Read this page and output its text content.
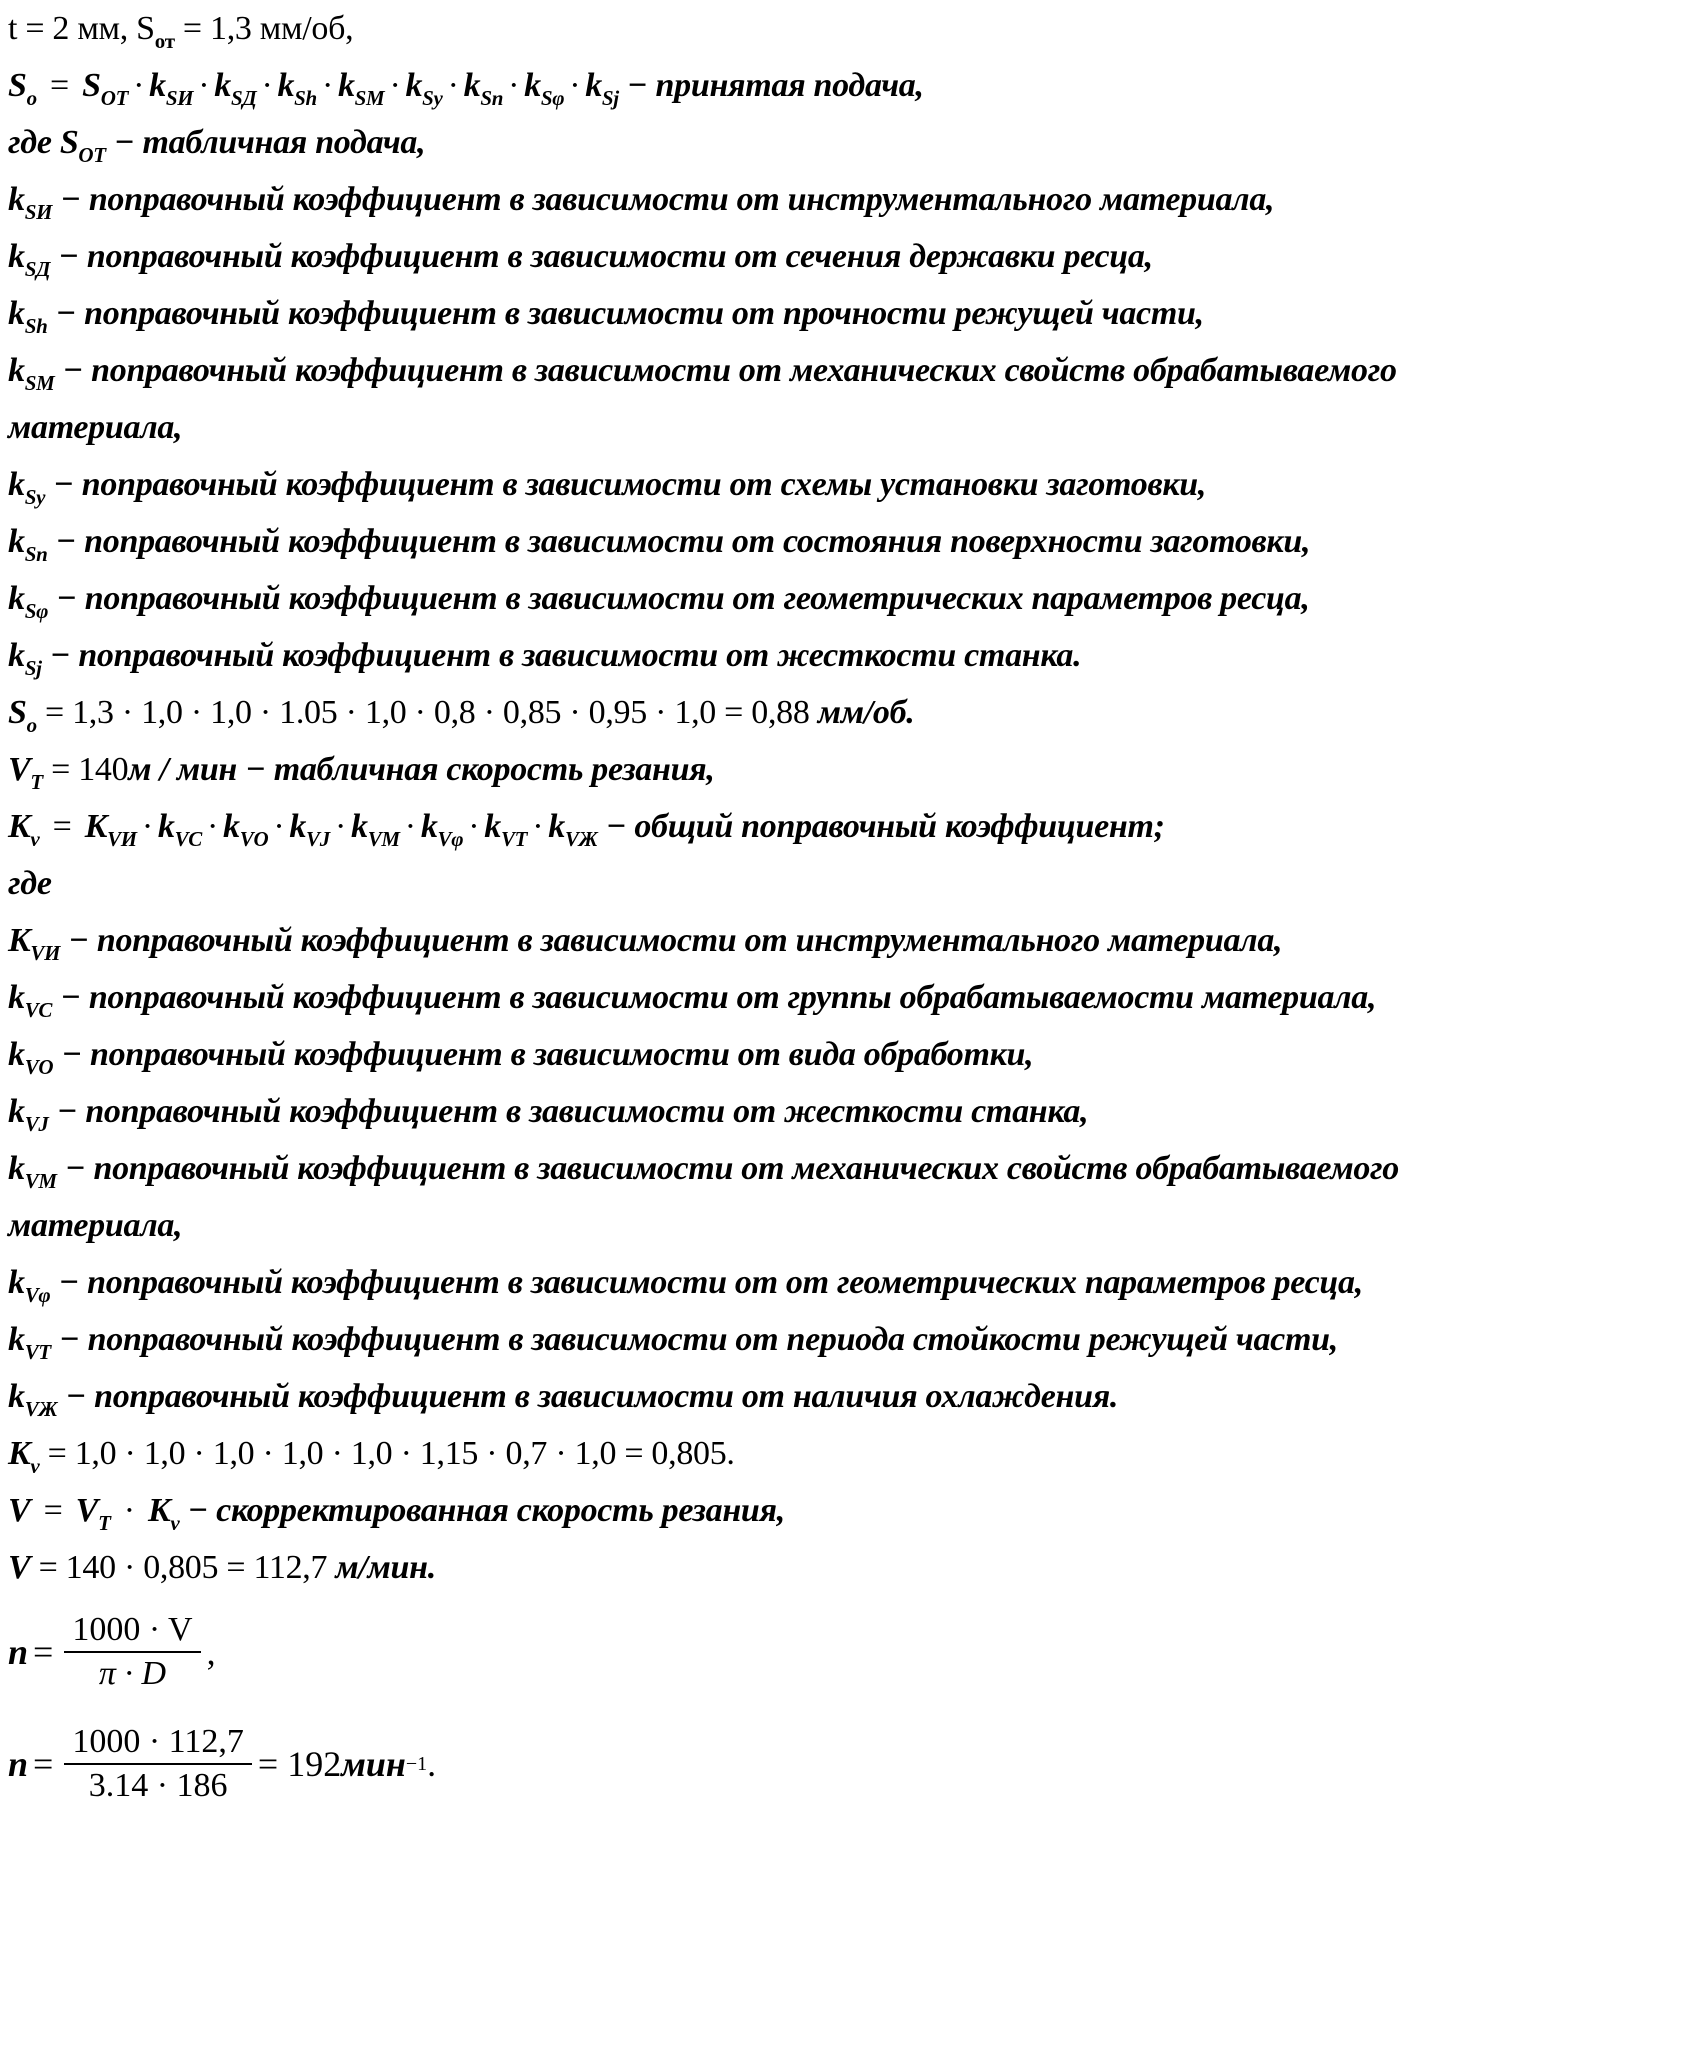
t = 2 мм, $S_{от} = 1,3$ мм/об,
$S_o = S_{ОТ} \cdot k_{SИ} \cdot k_{SД} \cdot k_{Sh} \cdot k_{SM} \cdot k_{Sy} \cdot k_{Sn} \cdot k_{S\varphi} \cdot k_{Sj}$ − принятая подача,
где $S_{ОТ}$ − табличная подача,
$k_{SИ}$ − поправочный коэффициент в зависимости от инструментального материала,
$k_{SД}$ − поправочный коэффициент в зависимости от сечения державки ресца,
$k_{Sh}$ − поправочный коэффициент в зависимости от прочности режущей части,
$k_{SM}$ − поправочный коэффициент в зависимости от механических свойств обрабатываемого
материала,
$k_{Sy}$ − поправочный коэффициент в зависимости от схемы установки заготовки,
$k_{Sn}$ − поправочный коэффициент в зависимости от состояния поверхности заготовки,
$k_{S\varphi}$ − поправочный коэффициент в зависимости от геометрических параметров ресца,
$k_{Sj}$ − поправочный коэффициент в зависимости от жесткости станка.
$S_o = 1,3 \cdot 1,0 \cdot 1,0 \cdot 1.05 \cdot 1,0 \cdot 0,8 \cdot 0,85 \cdot 0,95 \cdot 1,0 = 0,88$ мм/об.
$V_T = 140м$ / мин − табличная скорость резания,
$K_v = K_{VИ} \cdot k_{VC} \cdot k_{VO} \cdot k_{VJ} \cdot k_{VM} \cdot k_{V\varphi} \cdot k_{VT} \cdot k_{VЖ}$ − общий поправочный коэффициент;
где
$K_{VИ}$ − поправочный коэффициент в зависимости от инструментального материала,
$k_{VC}$ − поправочный коэффициент в зависимости от группы обрабатываемости материала,
$k_{VO}$ − поправочный коэффициент в зависимости от вида обработки,
$k_{VJ}$ − поправочный коэффициент в зависимости от жесткости станка,
$k_{VM}$ − поправочный коэффициент в зависимости от механических свойств обрабатываемого
материала,
$k_{V\varphi}$ − поправочный коэффициент в зависимости от от геометрических параметров ресца,
$k_{VT}$ − поправочный коэффициент в зависимости от периода стойкости режущей части,
$k_{VЖ}$ − поправочный коэффициент в зависимости от наличия охлаждения.
$K_v = 1,0 \cdot 1,0 \cdot 1,0 \cdot 1,0 \cdot 1,0 \cdot 1,15 \cdot 0,7 \cdot 1,0 = 0,805$.
$V = V_T \cdot K_v$ − скорректированная скорость резания,
V = 140 · 0,805 = 112,7 м/мин.
$n = \frac{1000 \cdot V}{\pi \cdot D}$ ,
$n = \frac{1000 \cdot 112,7}{3.14 \cdot 186} = 192$ мин −1 .
